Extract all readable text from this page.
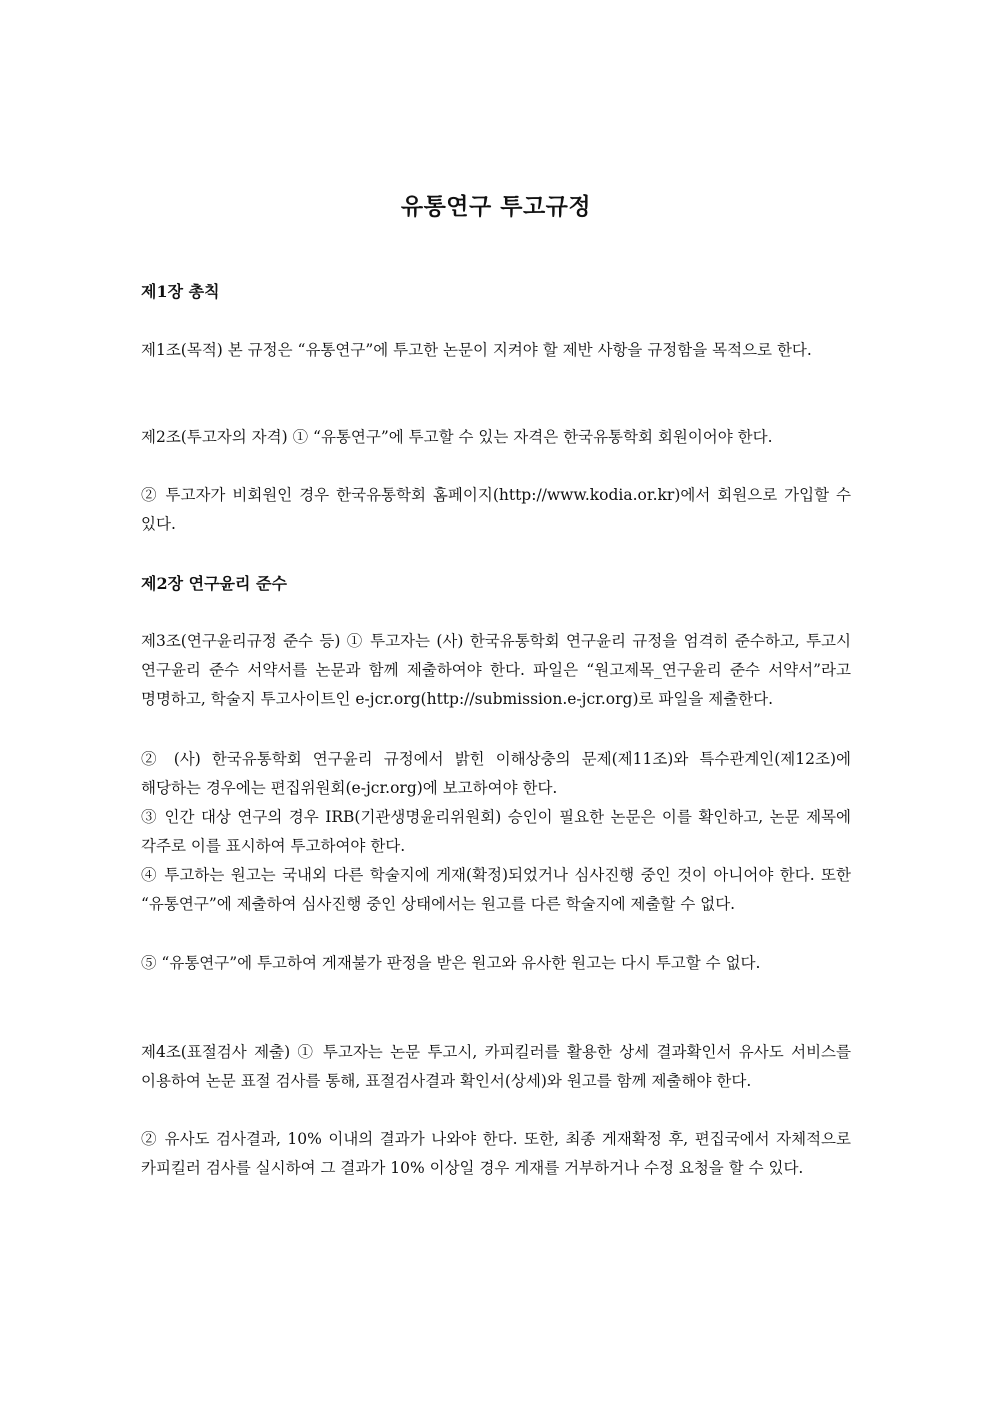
유통연구 투고규정
제1장 총칙

제1조(목적) 본 규정은 “유통연구”에 투고한 논문이 지켜야 할 제반 사항을 규정함을 목적으로 한다.

제2조(투고자의 자격) ① “유통연구”에 투고할 수 있는 자격은 한국유통학회 회원이어야 한다.

② 투고자가 비회원인 경우 한국유통학회 홈페이지(http://www.kodia.or.kr)에서 회원으로 가입할 수 있다.

제2장 연구윤리 준수

제3조(연구윤리규정 준수 등) ① 투고자는 (사) 한국유통학회 연구윤리 규정을 엄격히 준수하고, 투고시 연구윤리 준수 서약서를 논문과 함께 제출하여야 한다. 파일은 “원고제목_연구윤리 준수 서약서”라고 명명하고, 학술지 투고사이트인 e-jcr.org(http://submission.e-jcr.org)로 파일을 제출한다.

② (사) 한국유통학회 연구윤리 규정에서 밝힌 이해상충의 문제(제11조)와 특수관계인(제12조)에 해당하는 경우에는 편집위원회(e-jcr.org)에 보고하여야 한다.

③ 인간 대상 연구의 경우 IRB(기관생명윤리위원회) 승인이 필요한 논문은 이를 확인하고, 논문 제목에 각주로 이를 표시하여 투고하여야 한다.

④ 투고하는 원고는 국내외 다른 학술지에 게재(확정)되었거나 심사진행 중인 것이 아니어야 한다. 또한 “유통연구”에 제출하여 심사진행 중인 상태에서는 원고를 다른 학술지에 제출할 수 없다.

⑤ “유통연구”에 투고하여 게재불가 판정을 받은 원고와 유사한 원고는 다시 투고할 수 없다.

제4조(표절검사 제출) ① 투고자는 논문 투고시, 카피킬러를 활용한 상세 결과확인서 유사도 서비스를 이용하여 논문 표절 검사를 통해, 표절검사결과 확인서(상세)와 원고를 함께 제출해야 한다.

② 유사도 검사결과, 10% 이내의 결과가 나와야 한다. 또한, 최종 게재확정 후, 편집국에서 자체적으로 카피킬러 검사를 실시하여 그 결과가 10% 이상일 경우 게재를 거부하거나 수정 요청을 할 수 있다.
